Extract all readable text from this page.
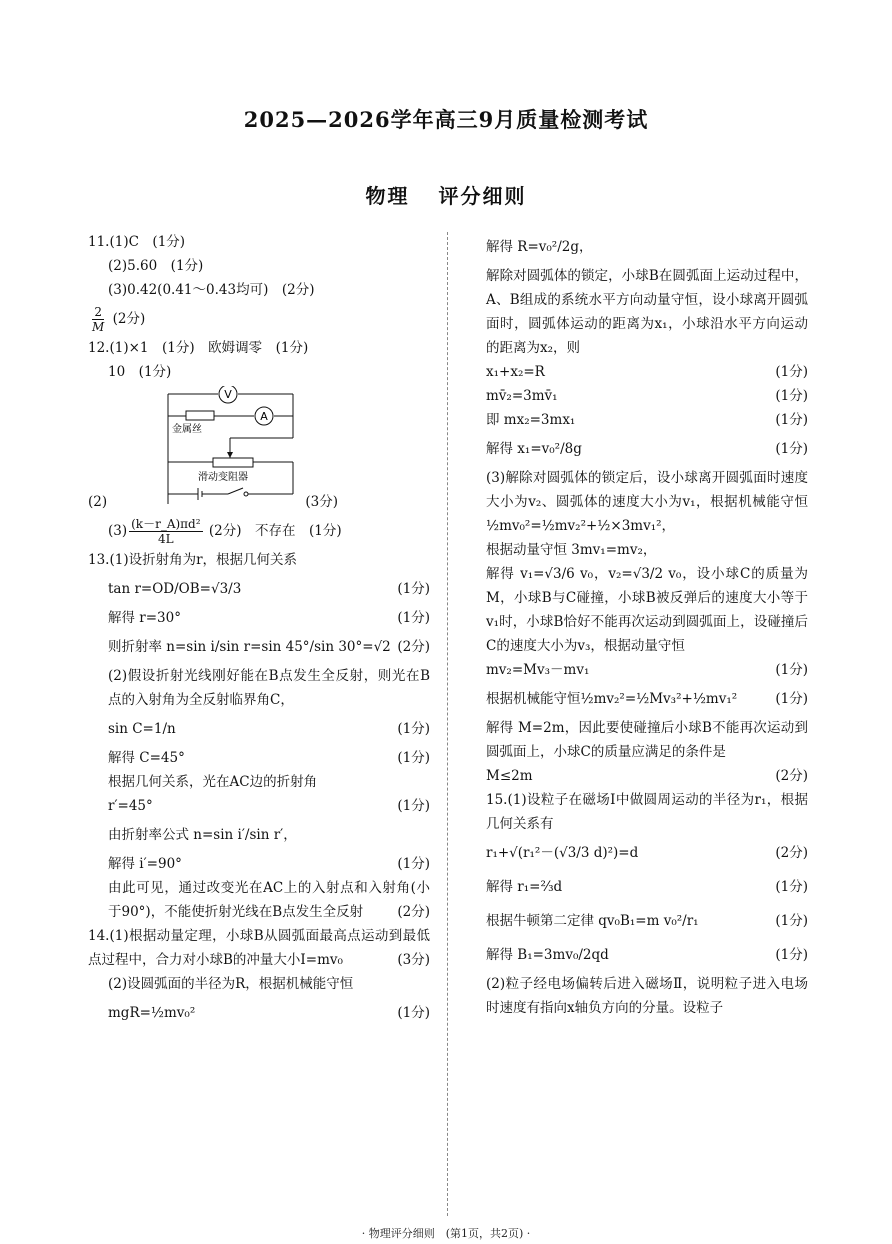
2025—2026学年高三9月质量检测考试
物理 评分细则
11.(1)C　(1分)
(2)5.60　(1分)
(3)0.42(0.41～0.43均可)　(2分)
$\frac{2}{M} (2$分)
12.(1)×1　(1分)　欧姆调零　(1分)
10　(1分)
V
A
金属丝
滑动变阻器
(2)	(3分)
$(3) \frac{\text{(k－r\_A)πd²}}{4L} (2$分)　不存在　(1分)
13.(1)设折射角为r，根据几何关系
tan r=OD/OB=√3/3	(1分)
解得 r=30°	(1分)
则折射率 n=sin i/sin r=sin 45°/sin 30°=√2 (2分)
(2)假设折射光线刚好能在B点发生全反射，则光在B点的入射角为全反射临界角C，
sin C=1/n	(1分)
解得 C=45°	(1分)
根据几何关系，光在AC边的折射角
r′=45°	(1分)
由折射率公式 n=sin i′/sin r′，
解得 i′=90°	(1分)
由此可见，通过改变光在AC上的入射点和入射角(小于90°)，不能使折射光线在B点发生全反射	(2分)
14.(1)根据动量定理，小球B从圆弧面最高点运动到最低点过程中，合力对小球B的冲量大小I=mv₀	(3分)
(2)设圆弧面的半径为R，根据机械能守恒
mgR=½mv₀²	(1分)
解得 R=v₀²/2g，
解除对圆弧体的锁定，小球B在圆弧面上运动过程中，A、B组成的系统水平方向动量守恒，设小球离开圆弧面时，圆弧体运动的距离为x₁，小球沿水平方向运动的距离为x₂，则
x₁+x₂=R	(1分)
mv̄₂=3mv̄₁	(1分)
即 mx₂=3mx₁	(1分)
解得 x₁=v₀²/8g	(1分)
(3)解除对圆弧体的锁定后，设小球离开圆弧面时速度大小为v₂、圆弧体的速度大小为v₁，根据机械能守恒½mv₀²=½mv₂²+½×3mv₁²，
根据动量守恒 3mv₁=mv₂，
解得 v₁=√3/6 v₀，v₂=√3/2 v₀，设小球C的质量为M，小球B与C碰撞，小球B被反弹后的速度大小等于v₁时，小球B恰好不能再次运动到圆弧面上，设碰撞后C的速度大小为v₃，根据动量守恒
mv₂=Mv₃－mv₁	(1分)
根据机械能守恒½mv₂²=½Mv₃²+½mv₁²	(1分)
解得 M=2m，因此要使碰撞后小球B不能再次运动到圆弧面上，小球C的质量应满足的条件是
M≤2m	(2分)
15.(1)设粒子在磁场Ⅰ中做圆周运动的半径为r₁，根据几何关系有
r₁+√(r₁²－(√3/3 d)²)=d	(2分)
解得 r₁=⅔d	(1分)
根据牛顿第二定律 qv₀B₁=m v₀²/r₁	(1分)
解得 B₁=3mv₀/2qd	(1分)
(2)粒子经电场偏转后进入磁场Ⅱ，说明粒子进入电场时速度有指向x轴负方向的分量。设粒子
· 物理评分细则　(第1页，共2页) ·
